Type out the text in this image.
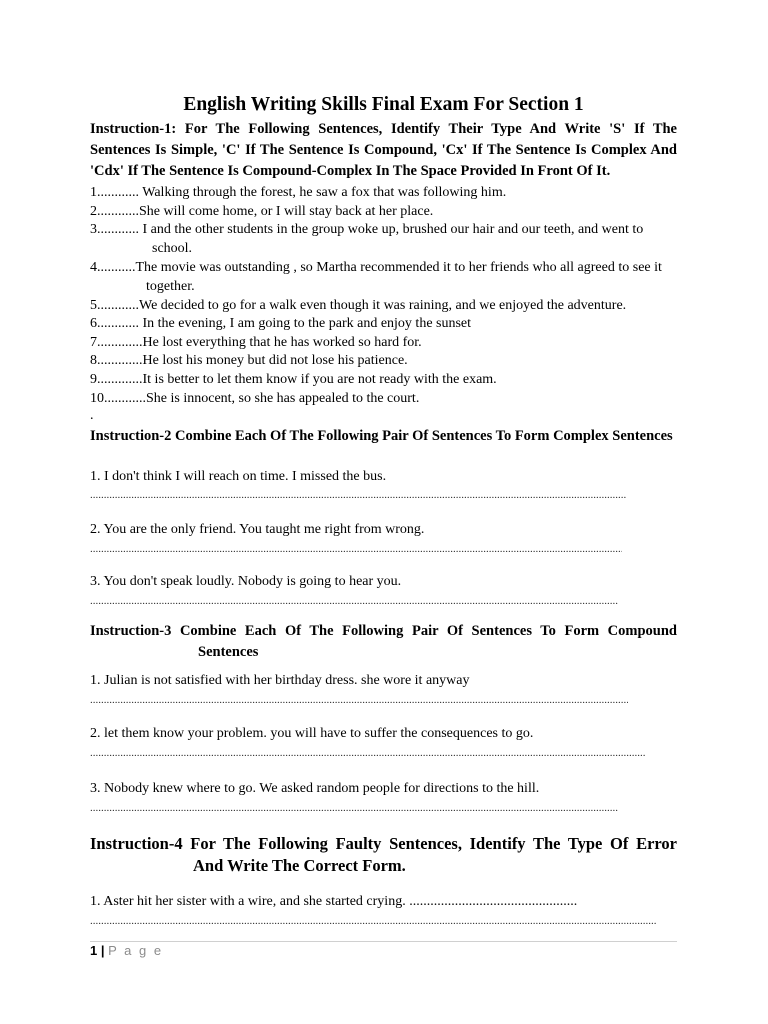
English Writing Skills Final Exam For Section 1
Instruction-1: For The Following Sentences, Identify Their Type And Write 'S' If The Sentences Is Simple, 'C' If The Sentence Is Compound, 'Cx' If The Sentence Is Complex And 'Cdx' If The Sentence Is Compound-Complex In The Space Provided In Front Of It.
1............ Walking through the forest, he saw a fox that was following him.
2............She will come home, or I will stay back at her place.
3............ I and the other students in the group woke up, brushed our hair and our teeth, and went to
school.
4...........The movie was outstanding , so Martha recommended it to her friends who all agreed to see it
together.
5............We decided to go for a walk even though it was raining, and we enjoyed the adventure.
6............ In the evening, I am going to the park and enjoy the sunset
7.............He lost everything that he has worked so hard for.
8.............He lost his money but did not lose his patience.
9.............It is better to let them know if you are not ready with the exam.
10............She is innocent, so she has appealed to the court.
.
Instruction-2 Combine Each Of The Following Pair Of Sentences To Form Complex Sentences
1. I don't think I will reach on time. I missed the bus.
.....
2. You are the only friend. You taught me right from wrong.
.....
3. You don't speak loudly. Nobody is going to hear you.
.....
Instruction-3 Combine Each Of The Following Pair Of Sentences To Form Compound
Sentences
1. Julian is not satisfied with her birthday dress. she wore it anyway
.....
2. let them know your problem. you will have to suffer the consequences to go.
.....
3. Nobody knew where to go. We asked random people for directions to the hill.
.....
Instruction-4 For The Following Faulty Sentences, Identify The Type Of Error
And Write The Correct Form.
1. Aster hit her sister with a wire, and she started crying. ................................................
.....
1 | P a g e
